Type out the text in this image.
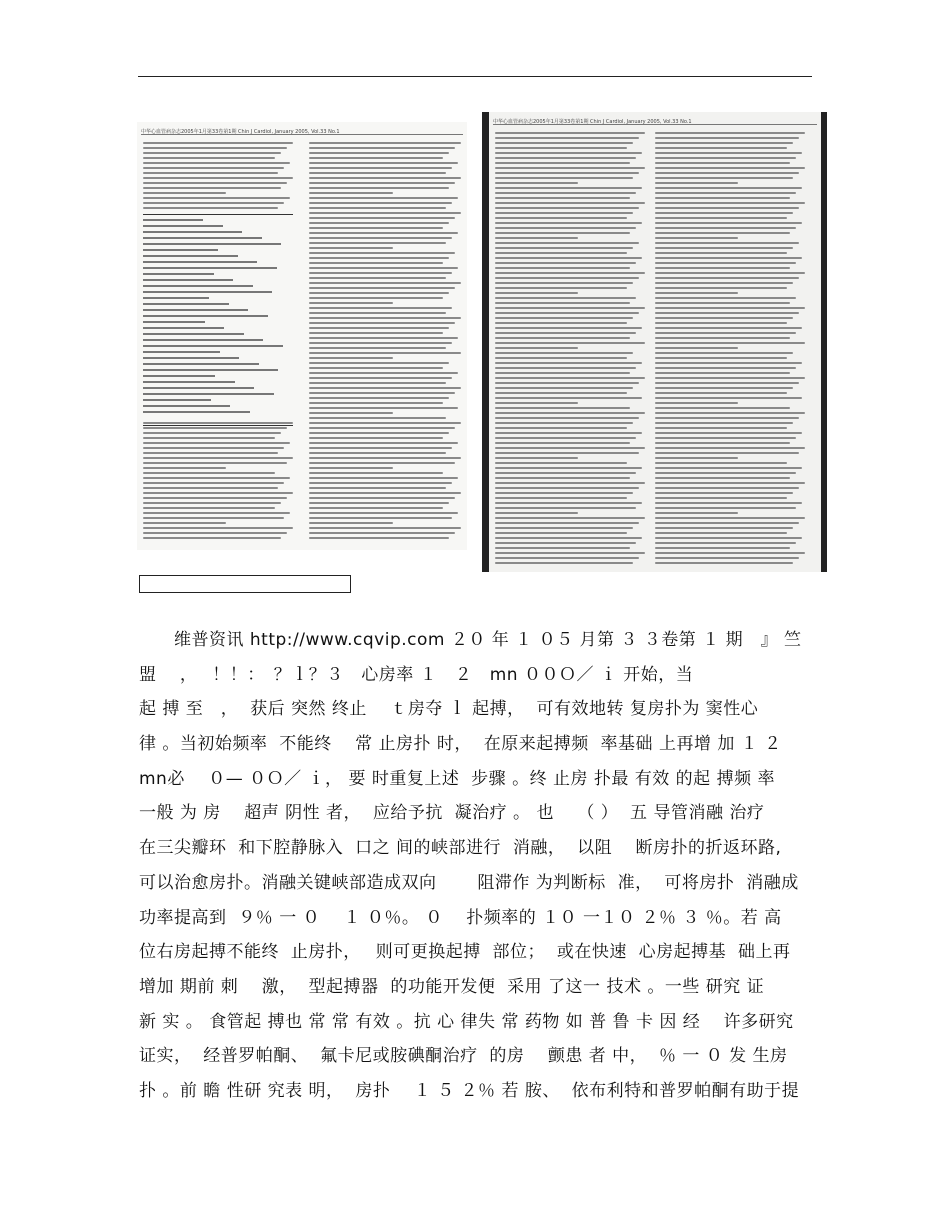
中华心血管病杂志2005年1月第33卷第1期 Chin J Cardiol, January 2005, Vol.33 No.1
中华心血管病杂志2005年1月第33卷第1期 Chin J Cardiol, January 2005, Vol.33 No.1
　　维普资讯 http://www.cqvip.com ２０ 年 １ ０５ 月第 ３ ３卷第 １ 期　』 竺
盟　 ，　 ！！：　？ｌ？３　心房率 １　２　mn ００Ｏ／ ｉ 开始，当
起 搏 至　，  获后 突然 终止　 ｔ房夺 ｌ 起搏，  可有效地转 复房扑为 窦性心
律 。当初始频率  不能终　 常 止房扑 时，  在原来起搏频  率基础 上再增 加 １ ２
mn必　 ０— ０Ｏ／ ｉ， 要 时重复上述  步骤 。终 止房 扑最 有效 的起 搏频 率
一般 为 房　 超声 阴性 者，  应给予抗  凝治疗 。 也　 （ ）  五 导管消融 治疗
在三尖瓣环  和下腔静脉入  口之 间的峡部进行  消融，  以阻　 断房扑的折返环路,
可以治愈房扑。消融关键峡部造成双向　　 阻滞作 为判断标  准，  可将房扑  消融成
功率提高到  ９％ 一 ０　 １ ０％。 ０　 扑频率的 １０ 一１０ ２％ ３ ％。若 高
位右房起搏不能终  止房扑，　 则可更换起搏  部位；  或在快速  心房起搏基  础上再
增加 期前 刺　 激，  型起搏器  的功能开发便  采用 了这一 技术 。一些 研究 证
新 实 。 食管起 搏也 常 常 有效 。抗 心 律失 常 药物 如 普 鲁 卡 因 经　 许多研究
证实，  经普罗帕酮、  氟卡尼或胺碘酮治疗  的房　 颤患 者 中，  ％ 一 ０ 发 生房
扑 。前 瞻 性研 究表 明，  房扑　 １ ５ ２％ 若 胺、  依布利特和普罗帕酮有助于提
